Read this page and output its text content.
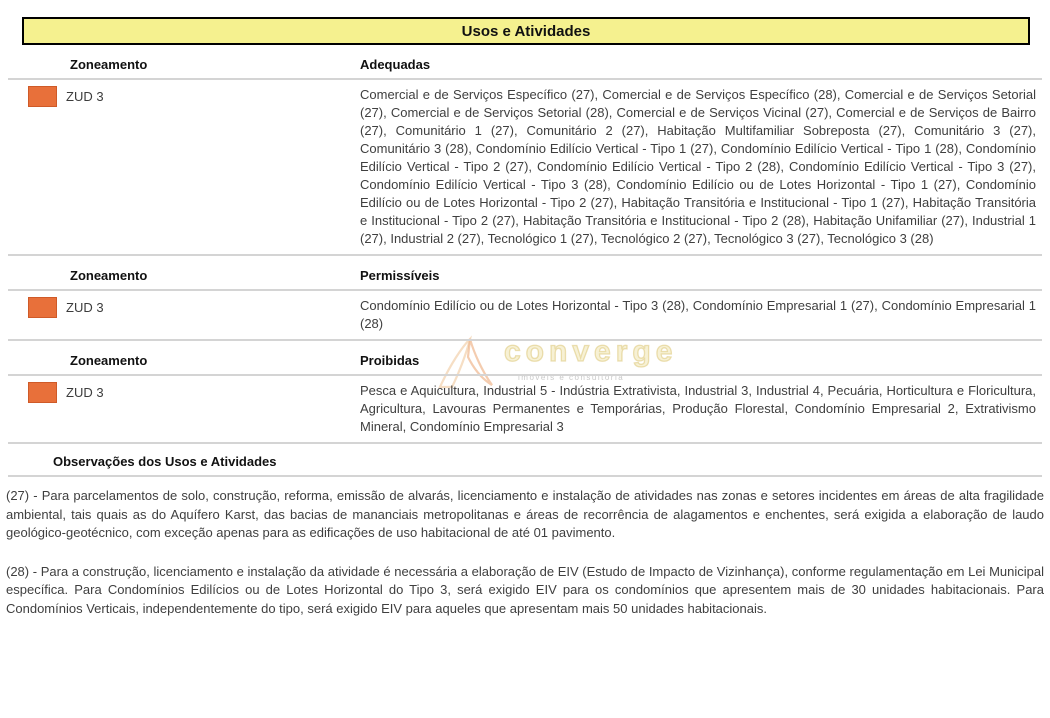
converge
imóveis e consultoria
Usos e Atividades
Zoneamento	Adequadas
ZUD 3	Comercial e de Serviços Específico (27), Comercial e de Serviços Específico (28), Comercial e de Serviços Setorial (27), Comercial e de Serviços Setorial (28), Comercial e de Serviços Vicinal (27), Comercial e de Serviços de Bairro (27), Comunitário 1 (27), Comunitário 2 (27), Habitação Multifamiliar Sobreposta (27), Comunitário 3 (27), Comunitário 3 (28), Condomínio Edilício Vertical - Tipo 1 (27), Condomínio Edilício Vertical - Tipo 1 (28), Condomínio Edilício Vertical - Tipo 2 (27), Condomínio Edilício Vertical - Tipo 2 (28), Condomínio Edilício Vertical - Tipo 3 (27), Condomínio Edilício Vertical - Tipo 3 (28), Condomínio Edilício ou de Lotes Horizontal - Tipo 1 (27), Condomínio Edilício ou de Lotes Horizontal - Tipo 2 (27), Habitação Transitória e Institucional - Tipo 1 (27), Habitação Transitória e Institucional - Tipo 2 (27), Habitação Transitória e Institucional - Tipo 2 (28), Habitação Unifamiliar (27), Industrial 1 (27), Industrial 2 (27), Tecnológico 1 (27), Tecnológico 2 (27), Tecnológico 3 (27), Tecnológico 3 (28)
Zoneamento	Permissíveis
ZUD 3	Condomínio Edilício ou de Lotes Horizontal - Tipo 3 (28), Condomínio Empresarial 1 (27), Condomínio Empresarial 1 (28)
Zoneamento	Proibidas
ZUD 3	Pesca e Aquicultura, Industrial 5 - Indústria Extrativista, Industrial 3, Industrial 4, Pecuária, Horticultura e Floricultura, Agricultura, Lavouras Permanentes e Temporárias, Produção Florestal, Condomínio Empresarial 2, Extrativismo Mineral, Condomínio Empresarial 3
Observações dos Usos e Atividades

(27) - Para parcelamentos de solo, construção, reforma, emissão de alvarás, licenciamento e instalação de atividades nas zonas e setores incidentes em áreas de alta fragilidade ambiental, tais quais as do Aquífero Karst, das bacias de mananciais metropolitanas e áreas de recorrência de alagamentos e enchentes, será exigida a elaboração de laudo geológico-geotécnico, com exceção apenas para as edificações de uso habitacional de até 01 pavimento.

(28) - Para a construção, licenciamento e instalação da atividade é necessária a elaboração de EIV (Estudo de Impacto de Vizinhança), conforme regulamentação em Lei Municipal específica. Para Condomínios Edilícios ou de Lotes Horizontal do Tipo 3, será exigido EIV para os condomínios que apresentem mais de 30 unidades habitacionais. Para Condomínios Verticais, independentemente do tipo, será exigido EIV para aqueles que apresentam mais 50 unidades habitacionais.
